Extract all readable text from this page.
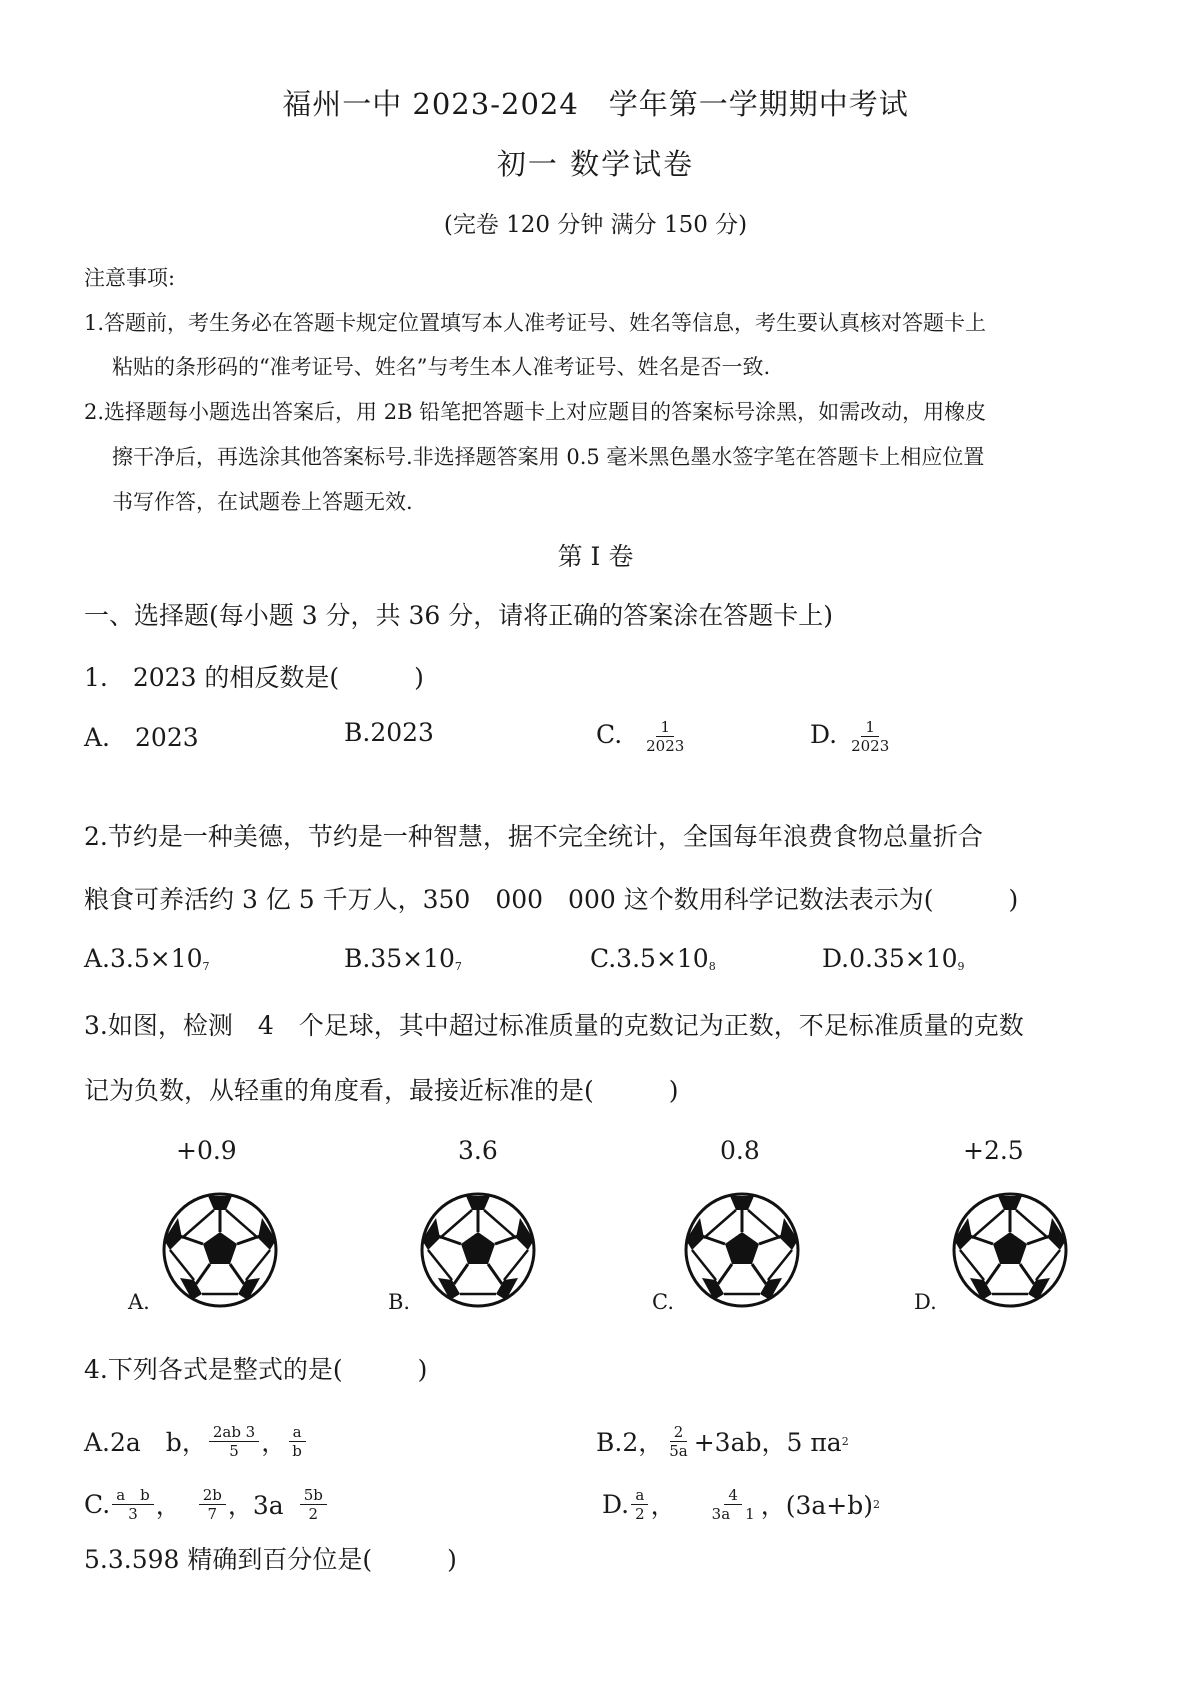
福州一中 2023-2024　学年第一学期期中考试
初一 数学试卷
(完卷 120 分钟 满分 150 分)
注意事项:
1.答题前，考生务必在答题卡规定位置填写本人准考证号、姓名等信息，考生要认真核对答题卡上
粘贴的条形码的“准考证号、姓名”与考生本人准考证号、姓名是否一致.
2.选择题每小题选出答案后，用 2B 铅笔把答题卡上对应题目的答案标号涂黑，如需改动，用橡皮
擦干净后，再选涂其他答案标号.非选择题答案用 0.5 毫米黑色墨水签字笔在答题卡上相应位置
书写作答，在试题卷上答题无效.
第 I 卷
一、选择题(每小题 3 分，共 36 分，请将正确的答案涂在答题卡上)
1.　2023 的相反数是(　　　)
A.　2023	B.2023	C. $\frac{1}{2023}$	D. $\frac{1}{2023}$
2.节约是一种美德，节约是一种智慧，据不完全统计，全国每年浪费食物总量折合
粮食可养活约 3 亿 5 千万人，350　000　000 这个数用科学记数法表示为(　　　)
$A.3.5\times 10^7$	$B.35\times 10^7$	$C.3.5\times 10^8$	$D.0.35\times 10^9$
3.如图，检测　4　个足球，其中超过标准质量的克数记为正数，不足标准质量的克数
记为负数，从轻重的角度看，最接近标准的是(　　　)
+0.9	3.6	0.8	+2.5
A.	B.	C.	D.
4.下列各式是整式的是(　　　)
A.2a　b， $\frac{2ab 3}{5}$ ， $\frac{a}{b}$	B.2， $\frac{2}{5a} +3ab$，5 πa 2
C. $\frac{\text{a　b}}{3}$ ， $\frac{2b}{7}$ ，$3a \frac{5b}{2}$	D. $\frac{a}{2}$ ， $\frac{4}{3a 1}$ ，(3a+b) 2
5.3.598 精确到百分位是(　　　)
